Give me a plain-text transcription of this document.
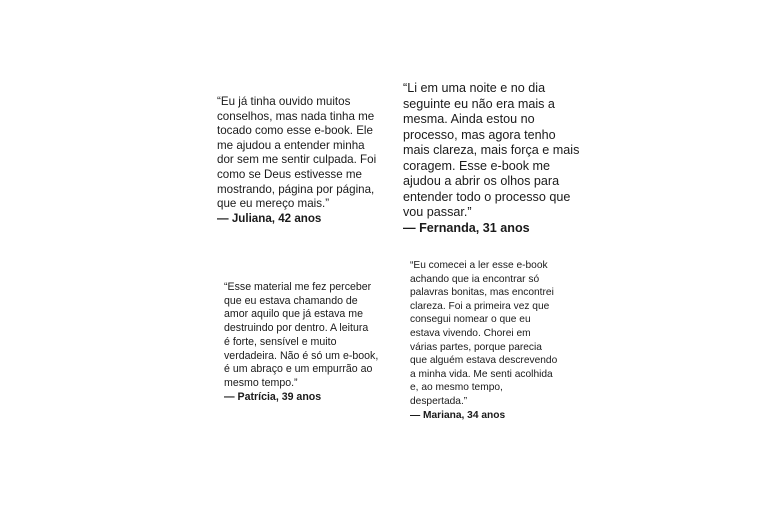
“Eu já tinha ouvido muitos
conselhos, mas nada tinha me
tocado como esse e-book. Ele
me ajudou a entender minha
dor sem me sentir culpada. Foi
como se Deus estivesse me
mostrando, página por página,
que eu mereço mais.”

— Juliana, 42 anos

“Li em uma noite e no dia
seguinte eu não era mais a
mesma. Ainda estou no
processo, mas agora tenho
mais clareza, mais força e mais
coragem. Esse e-book me
ajudou a abrir os olhos para
entender todo o processo que
vou passar.”

— Fernanda, 31 anos

“Esse material me fez perceber
que eu estava chamando de
amor aquilo que já estava me
destruindo por dentro. A leitura
é forte, sensível e muito
verdadeira. Não é só um e-book,
é um abraço e um empurrão ao
mesmo tempo.”

— Patrícia, 39 anos

“Eu comecei a ler esse e-book
achando que ia encontrar só
palavras bonitas, mas encontrei
clareza. Foi a primeira vez que
consegui nomear o que eu
estava vivendo. Chorei em
várias partes, porque parecia
que alguém estava descrevendo
a minha vida. Me senti acolhida
e, ao mesmo tempo,
despertada.”

— Mariana, 34 anos
